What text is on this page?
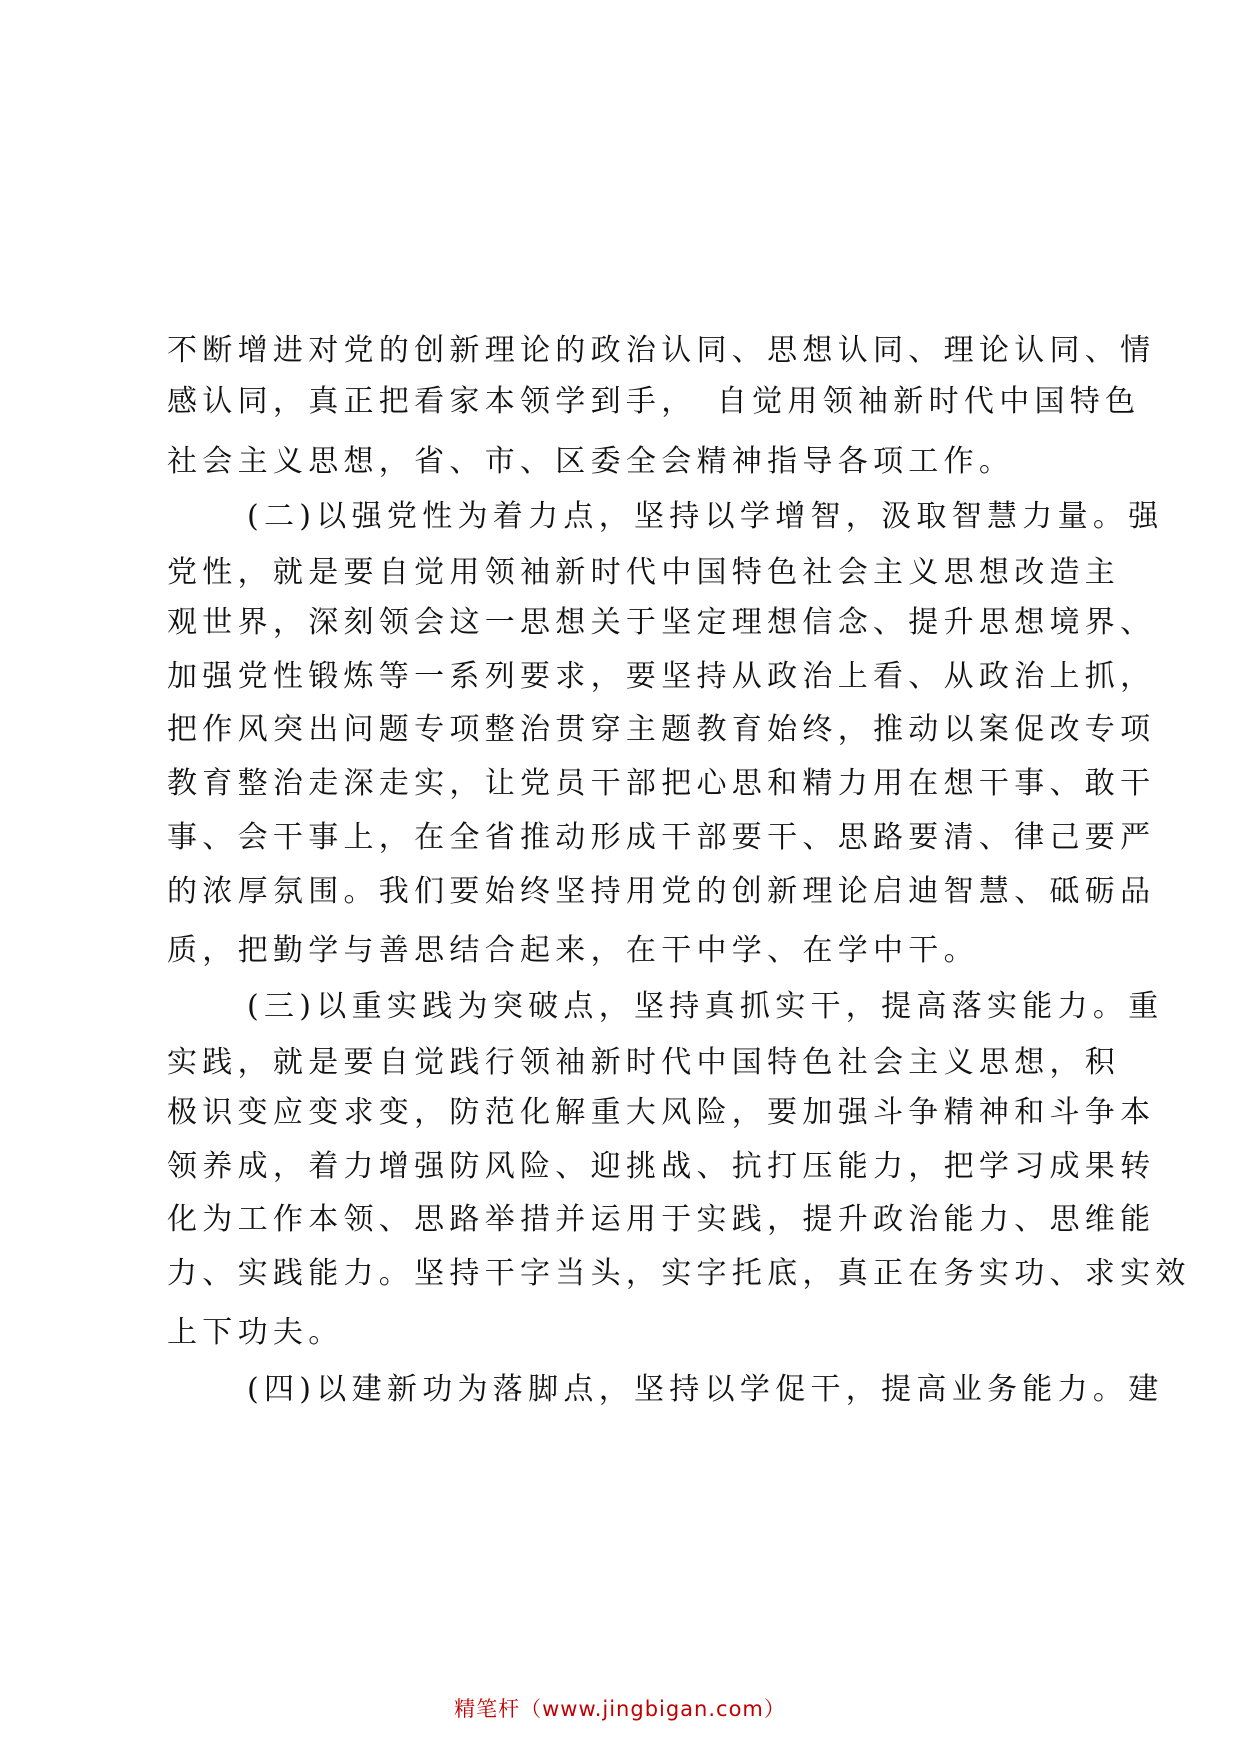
不断增进对党的创新理论的政治认同、思想认同、理论认同、情
感认同，真正把看家本领学到手，　自觉用领袖新时代中国特色
社会主义思想，省、市、区委全会精神指导各项工作。
(二)以强党性为着力点，坚持以学增智，汲取智慧力量。强
党性，就是要自觉用领袖新时代中国特色社会主义思想改造主
观世界，深刻领会这一思想关于坚定理想信念、提升思想境界、
加强党性锻炼等一系列要求，要坚持从政治上看、从政治上抓，
把作风突出问题专项整治贯穿主题教育始终，推动以案促改专项
教育整治走深走实，让党员干部把心思和精力用在想干事、敢干
事、会干事上，在全省推动形成干部要干、思路要清、律己要严
的浓厚氛围。我们要始终坚持用党的创新理论启迪智慧、砥砺品
质，把勤学与善思结合起来，在干中学、在学中干。
(三)以重实践为突破点，坚持真抓实干，提高落实能力。重
实践，就是要自觉践行领袖新时代中国特色社会主义思想，积
极识变应变求变，防范化解重大风险，要加强斗争精神和斗争本
领养成，着力增强防风险、迎挑战、抗打压能力，把学习成果转
化为工作本领、思路举措并运用于实践，提升政治能力、思维能
力、实践能力。坚持干字当头，实字托底，真正在务实功、求实效
上下功夫。
(四)以建新功为落脚点，坚持以学促干，提高业务能力。建
精笔杆（www.jingbigan.com）
